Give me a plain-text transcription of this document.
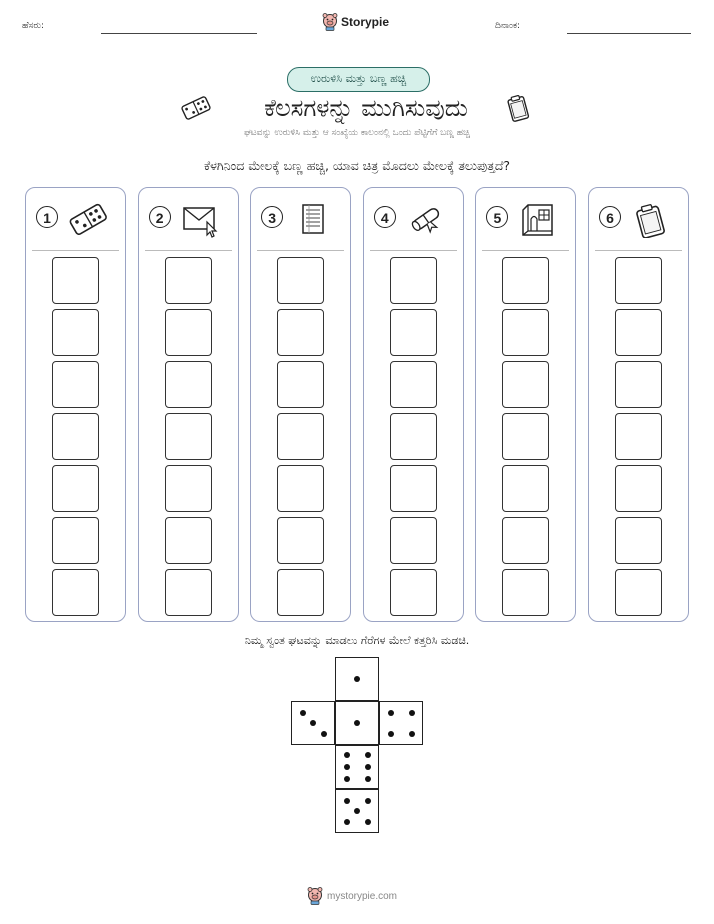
ಹೆಸರು:	Storypie	ದಿನಾಂಕ:
ಉರುಳಿಸಿ ಮತ್ತು ಬಣ್ಣ ಹಚ್ಚಿ
ಕೆಲಸಗಳನ್ನು ಮುಗಿಸುವುದು
ಘಟವನ್ನು ಉರುಳಿಸಿ ಮತ್ತು ಆ ಸಂಖ್ಯೆಯ ಕಾಲಂನಲ್ಲಿ ಒಂದು ಪೆಟ್ಟಿಗೆಗೆ ಬಣ್ಣ ಹಚ್ಚಿ
ಕೆಳಗಿನಿಂದ ಮೇಲಕ್ಕೆ ಬಣ್ಣ ಹಚ್ಚಿ, ಯಾವ ಚಿತ್ರ ಮೊದಲು ಮೇಲಕ್ಕೆ ತಲುಪುತ್ತದೆ?
1	2	3	4	5	6
ನಿಮ್ಮ ಸ್ವಂತ ಘಟವನ್ನು ಮಾಡಲು ಗೆರೆಗಳ ಮೇಲೆ ಕತ್ತರಿಸಿ ಮಡಚಿ.
mystorypie.com
